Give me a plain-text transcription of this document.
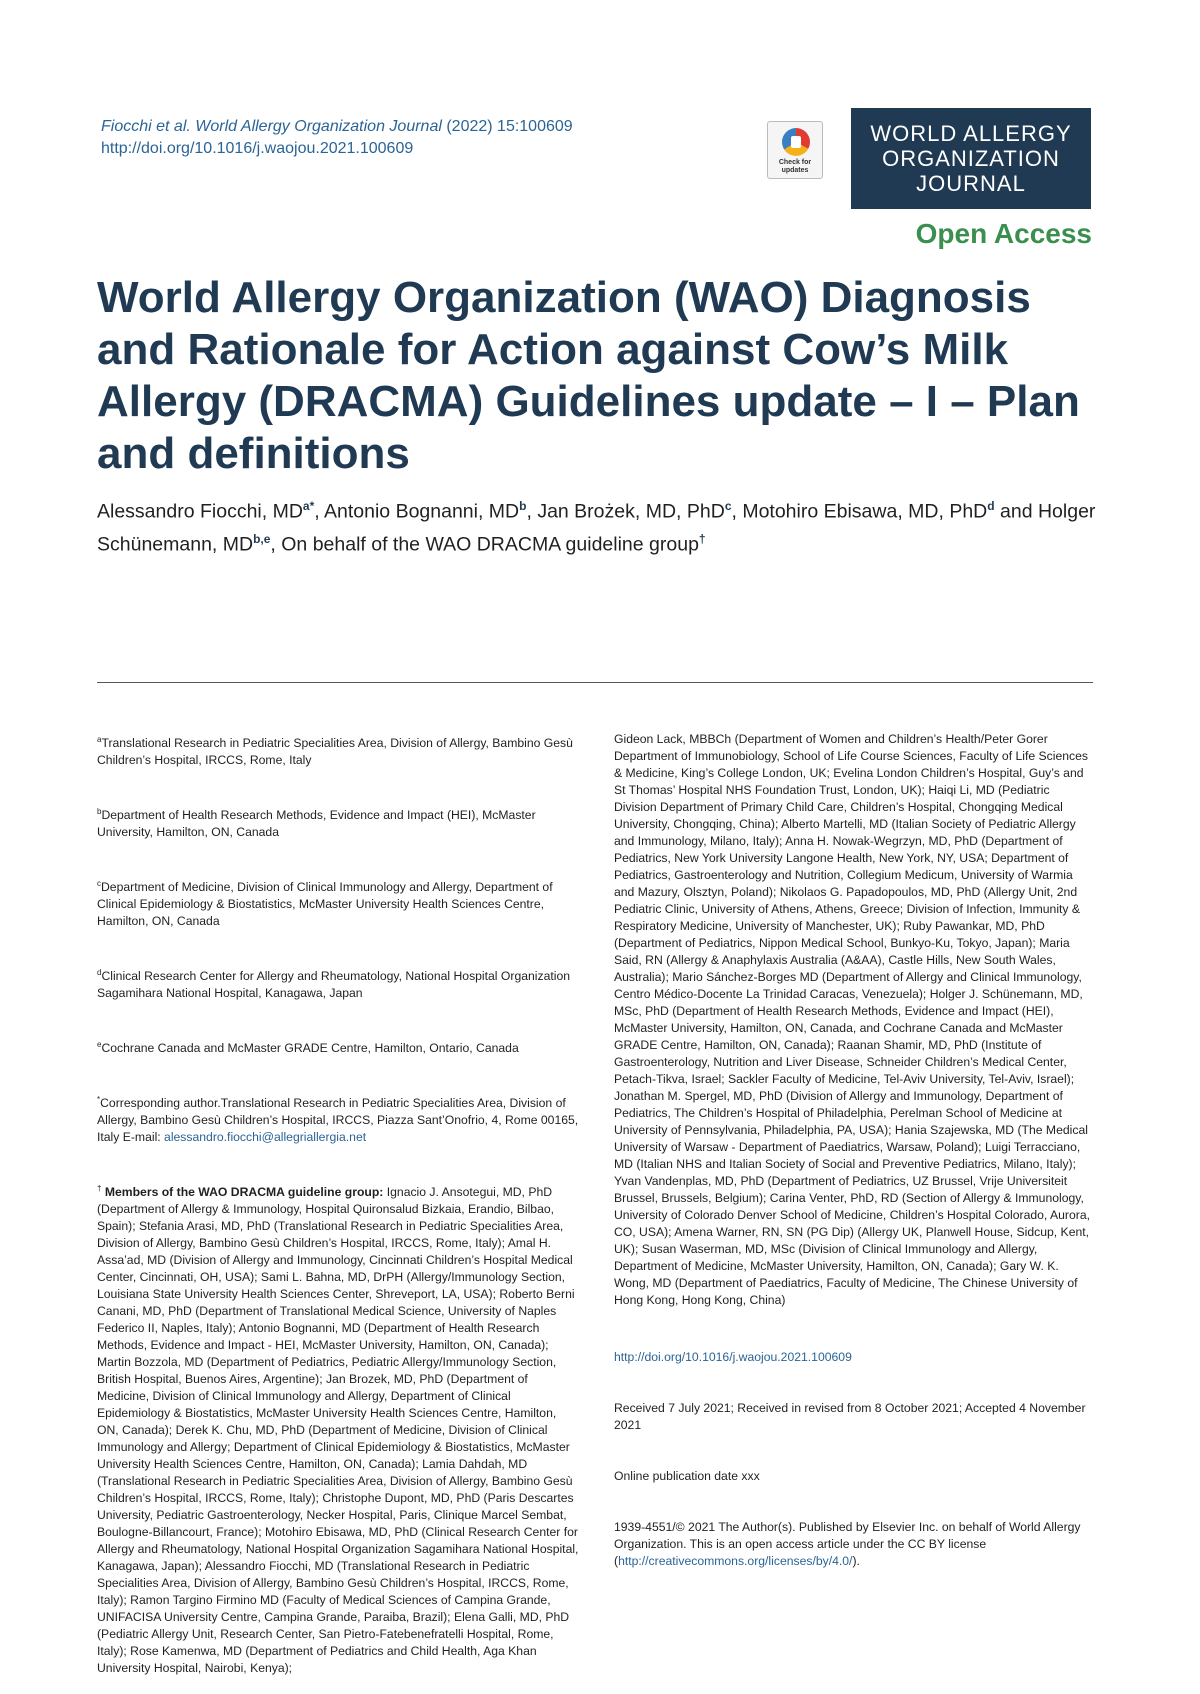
Fiocchi et al. World Allergy Organization Journal (2022) 15:100609
http://doi.org/10.1016/j.waojou.2021.100609
Check for updates
WORLD ALLERGY
ORGANIZATION
JOURNAL
Open Access
World Allergy Organization (WAO) Diagnosis and Rationale for Action against Cow’s Milk Allergy (DRACMA) Guidelines update – I – Plan and definitions
Alessandro Fiocchi, $MD^{a*}$, Antonio Bognanni, $MD^b$, Jan Brożek, MD, PhD$^c$, Motohiro Ebisawa, MD, PhD$^d$ and Holger Schünemann, MD$^{b,e}$, On behalf of the WAO DRACMA guideline group†

$^a$Translational Research in Pediatric Specialities Area, Division of Allergy, Bambino Gesù Children’s Hospital, IRCCS, Rome, Italy

$^b$Department of Health Research Methods, Evidence and Impact (HEI), McMaster University, Hamilton, ON, Canada

$^c$Department of Medicine, Division of Clinical Immunology and Allergy, Department of Clinical Epidemiology & Biostatistics, McMaster University Health Sciences Centre, Hamilton, ON, Canada

$^d$Clinical Research Center for Allergy and Rheumatology, National Hospital Organization Sagamihara National Hospital, Kanagawa, Japan

$^e$Cochrane Canada and McMaster GRADE Centre, Hamilton, Ontario, Canada

*Corresponding author.Translational Research in Pediatric Specialities Area, Division of Allergy, Bambino Gesù Children’s Hospital, IRCCS, Piazza Sant’Onofrio, 4, Rome 00165, Italy E-mail: alessandro.fiocchi@allegriallergia.net

† Members of the WAO DRACMA guideline group: Ignacio J. Ansotegui, MD, PhD (Department of Allergy & Immunology, Hospital Quironsalud Bizkaia, Erandio, Bilbao, Spain); Stefania Arasi, MD, PhD (Translational Research in Pediatric Specialities Area, Division of Allergy, Bambino Gesù Children’s Hospital, IRCCS, Rome, Italy); Amal H. Assa’ad, MD (Division of Allergy and Immunology, Cincinnati Children’s Hospital Medical Center, Cincinnati, OH, USA); Sami L. Bahna, MD, DrPH (Allergy/Immunology Section, Louisiana State University Health Sciences Center, Shreveport, LA, USA); Roberto Berni Canani, MD, PhD (Department of Translational Medical Science, University of Naples Federico II, Naples, Italy); Antonio Bognanni, MD (Department of Health Research Methods, Evidence and Impact - HEI, McMaster University, Hamilton, ON, Canada); Martin Bozzola, MD (Department of Pediatrics, Pediatric Allergy/Immunology Section, British Hospital, Buenos Aires, Argentine); Jan Brozek, MD, PhD (Department of Medicine, Division of Clinical Immunology and Allergy, Department of Clinical Epidemiology & Biostatistics, McMaster University Health Sciences Centre, Hamilton, ON, Canada); Derek K. Chu, MD, PhD (Department of Medicine, Division of Clinical Immunology and Allergy; Department of Clinical Epidemiology & Biostatistics, McMaster University Health Sciences Centre, Hamilton, ON, Canada); Lamia Dahdah, MD (Translational Research in Pediatric Specialities Area, Division of Allergy, Bambino Gesù Children’s Hospital, IRCCS, Rome, Italy); Christophe Dupont, MD, PhD (Paris Descartes University, Pediatric Gastroenterology, Necker Hospital, Paris, Clinique Marcel Sembat, Boulogne-Billancourt, France); Motohiro Ebisawa, MD, PhD (Clinical Research Center for Allergy and Rheumatology, National Hospital Organization Sagamihara National Hospital, Kanagawa, Japan); Alessandro Fiocchi, MD (Translational Research in Pediatric Specialities Area, Division of Allergy, Bambino Gesù Children’s Hospital, IRCCS, Rome, Italy); Ramon Targino Firmino MD (Faculty of Medical Sciences of Campina Grande, UNIFACISA University Centre, Campina Grande, Paraiba, Brazil); Elena Galli, MD, PhD (Pediatric Allergy Unit, Research Center, San Pietro-Fatebenefratelli Hospital, Rome, Italy); Rose Kamenwa, MD (Department of Pediatrics and Child Health, Aga Khan University Hospital, Nairobi, Kenya);

Gideon Lack, MBBCh (Department of Women and Children’s Health/Peter Gorer Department of Immunobiology, School of Life Course Sciences, Faculty of Life Sciences & Medicine, King’s College London, UK; Evelina London Children’s Hospital, Guy’s and St Thomas’ Hospital NHS Foundation Trust, London, UK); Haiqi Li, MD (Pediatric Division Department of Primary Child Care, Children’s Hospital, Chongqing Medical University, Chongqing, China); Alberto Martelli, MD (Italian Society of Pediatric Allergy and Immunology, Milano, Italy); Anna H. Nowak-Wegrzyn, MD, PhD (Department of Pediatrics, New York University Langone Health, New York, NY, USA; Department of Pediatrics, Gastroenterology and Nutrition, Collegium Medicum, University of Warmia and Mazury, Olsztyn, Poland); Nikolaos G. Papadopoulos, MD, PhD (Allergy Unit, 2nd Pediatric Clinic, University of Athens, Athens, Greece; Division of Infection, Immunity & Respiratory Medicine, University of Manchester, UK); Ruby Pawankar, MD, PhD (Department of Pediatrics, Nippon Medical School, Bunkyo-Ku, Tokyo, Japan); Maria Said, RN (Allergy & Anaphylaxis Australia (A&AA), Castle Hills, New South Wales, Australia); Mario Sánchez-Borges MD (Department of Allergy and Clinical Immunology, Centro Médico-Docente La Trinidad Caracas, Venezuela); Holger J. Schünemann, MD, MSc, PhD (Department of Health Research Methods, Evidence and Impact (HEI), McMaster University, Hamilton, ON, Canada, and Cochrane Canada and McMaster GRADE Centre, Hamilton, ON, Canada); Raanan Shamir, MD, PhD (Institute of Gastroenterology, Nutrition and Liver Disease, Schneider Children’s Medical Center, Petach-Tikva, Israel; Sackler Faculty of Medicine, Tel-Aviv University, Tel-Aviv, Israel); Jonathan M. Spergel, MD, PhD (Division of Allergy and Immunology, Department of Pediatrics, The Children’s Hospital of Philadelphia, Perelman School of Medicine at University of Pennsylvania, Philadelphia, PA, USA); Hania Szajewska, MD (The Medical University of Warsaw - Department of Paediatrics, Warsaw, Poland); Luigi Terracciano, MD (Italian NHS and Italian Society of Social and Preventive Pediatrics, Milano, Italy); Yvan Vandenplas, MD, PhD (Department of Pediatrics, UZ Brussel, Vrije Universiteit Brussel, Brussels, Belgium); Carina Venter, PhD, RD (Section of Allergy & Immunology, University of Colorado Denver School of Medicine, Children’s Hospital Colorado, Aurora, CO, USA); Amena Warner, RN, SN (PG Dip) (Allergy UK, Planwell House, Sidcup, Kent, UK); Susan Waserman, MD, MSc (Division of Clinical Immunology and Allergy, Department of Medicine, McMaster University, Hamilton, ON, Canada); Gary W. K. Wong, MD (Department of Paediatrics, Faculty of Medicine, The Chinese University of Hong Kong, Hong Kong, China)

http://doi.org/10.1016/j.waojou.2021.100609

Received 7 July 2021; Received in revised from 8 October 2021; Accepted 4 November 2021

Online publication date xxx

1939-4551/© 2021 The Author(s). Published by Elsevier Inc. on behalf of World Allergy Organization. This is an open access article under the CC BY license (http://creativecommons.org/licenses/by/4.0/).
